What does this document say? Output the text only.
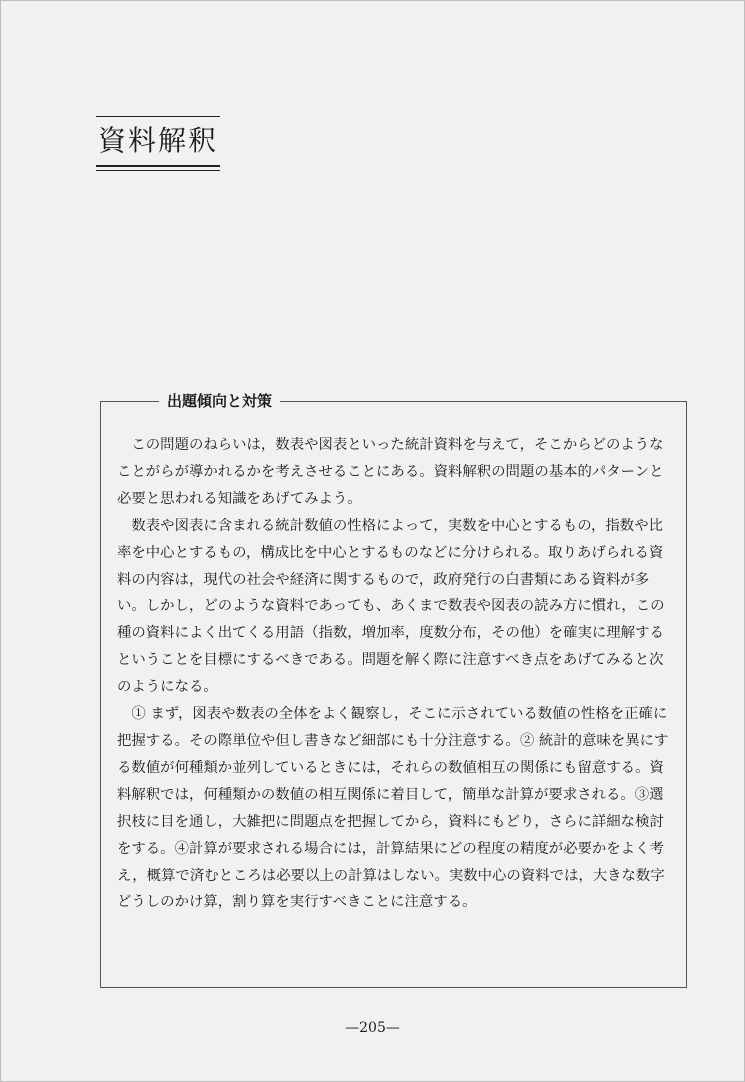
資料解釈
出題傾向と対策

この問題のねらいは，数表や図表といった統計資料を与えて，そこからどのようなことがらが導かれるかを考えさせることにある。資料解釈の問題の基本的パターンと必要と思われる知識をあげてみよう。

数表や図表に含まれる統計数値の性格によって，実数を中心とするもの，指数や比率を中心とするもの，構成比を中心とするものなどに分けられる。取りあげられる資料の内容は，現代の社会や経済に関するもので，政府発行の白書類にある資料が多い。しかし，どのような資料であっても、あくまで数表や図表の読み方に慣れ，この種の資料によく出てくる用語（指数，増加率，度数分布，その他）を確実に理解するということを目標にするべきである。問題を解く際に注意すべき点をあげてみると次のようになる。

① まず，図表や数表の全体をよく観察し，そこに示されている数値の性格を正確に把握する。その際単位や但し書きなど細部にも十分注意する。② 統計的意味を異にする数値が何種類か並列しているときには，それらの数値相互の関係にも留意する。資料解釈では，何種類かの数値の相互関係に着目して，簡単な計算が要求される。③選択枝に目を通し，大雑把に問題点を把握してから，資料にもどり，さらに詳細な検討をする。④計算が要求される場合には，計算結果にどの程度の精度が必要かをよく考え，概算で済むところは必要以上の計算はしない。実数中心の資料では，大きな数字どうしのかけ算，割り算を実行すべきことに注意する。

—205—
